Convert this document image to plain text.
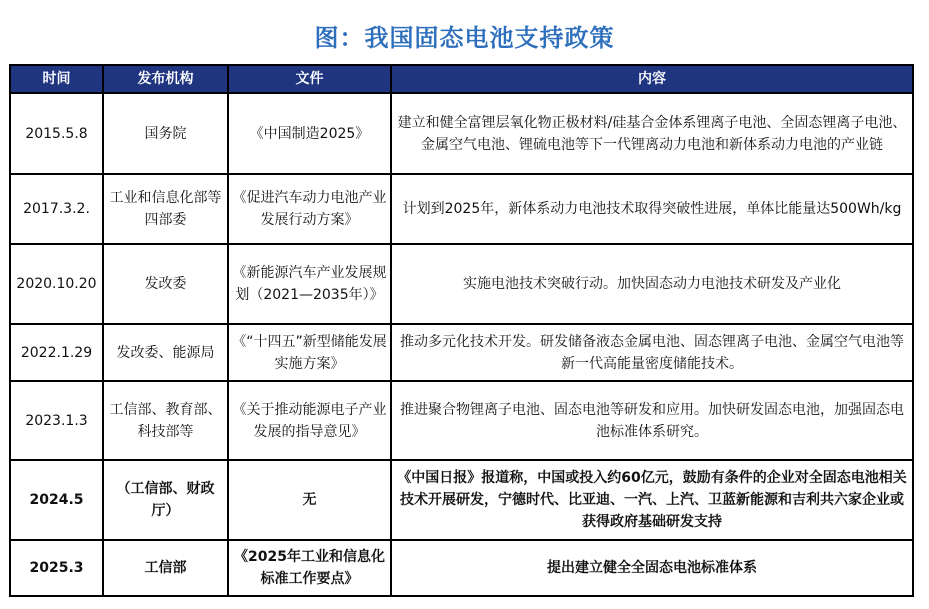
图：我国固态电池支持政策
时间	发布机构	文件	内容
2015.5.8	国务院	《中国制造2025》	建立和健全富锂层氧化物正极材料/硅基合金体系锂离子电池、全固态锂离子电池、金属空气电池、锂硫电池等下一代锂离动力电池和新体系动力电池的产业链
2017.3.2.	工业和信息化部等四部委	《促进汽车动力电池产业发展行动方案》	计划到2025年，新体系动力电池技术取得突破性进展，单体比能量达500Wh/kg
2020.10.20	发改委	《新能源汽车产业发展规划（2021—2035年）》	实施电池技术突破行动。加快固态动力电池技术研发及产业化
2022.1.29	发改委、能源局	《“十四五”新型储能发展实施方案》	推动多元化技术开发。研发储备液态金属电池、固态锂离子电池、金属空气电池等新一代高能量密度储能技术。
2023.1.3	工信部、教育部、科技部等	《关于推动能源电子产业发展的指导意见》	推进聚合物锂离子电池、固态电池等研发和应用。加快研发固态电池，加强固态电池标准体系研究。
2024.5	（工信部、财政厅）	无	《中国日报》报道称，中国或投入约60亿元，鼓励有条件的企业对全固态电池相关技术开展研发，宁德时代、比亚迪、一汽、上汽、卫蓝新能源和吉利共六家企业或获得政府基础研发支持
2025.3	工信部	《2025年工业和信息化标准工作要点》	提出建立健全全固态电池标准体系
